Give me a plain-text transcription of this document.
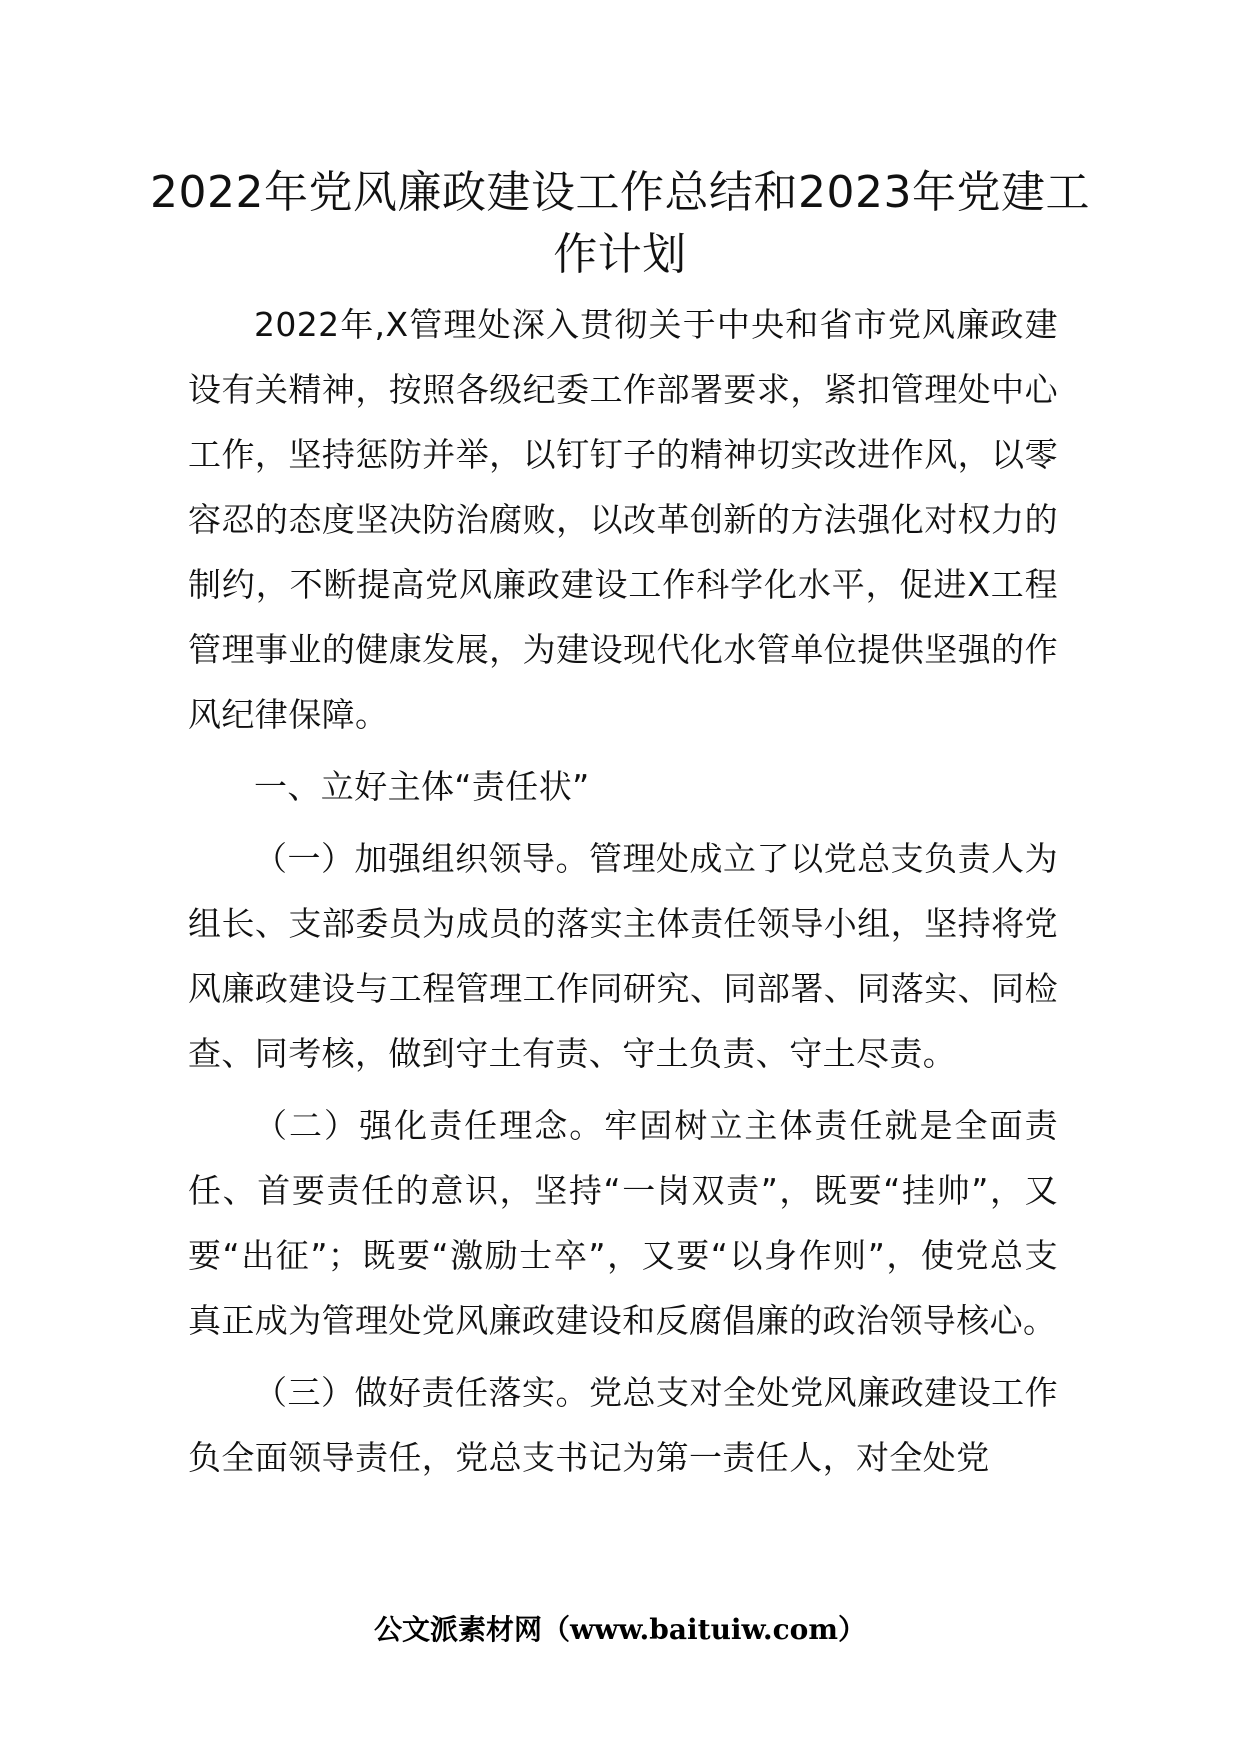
2022年党风廉政建设工作总结和2023年党建工作计划

2022年,X管理处深入贯彻关于中央和省市党风廉政建设有关精神，按照各级纪委工作部署要求，紧扣管理处中心工作，坚持惩防并举，以钉钉子的精神切实改进作风，以零容忍的态度坚决防治腐败，以改革创新的方法强化对权力的制约，不断提高党风廉政建设工作科学化水平，促进X工程管理事业的健康发展，为建设现代化水管单位提供坚强的作风纪律保障。

一、立好主体“责任状”

（一）加强组织领导。管理处成立了以党总支负责人为组长、支部委员为成员的落实主体责任领导小组，坚持将党风廉政建设与工程管理工作同研究、同部署、同落实、同检查、同考核，做到守土有责、守土负责、守土尽责。

（二）强化责任理念。牢固树立主体责任就是全面责任、首要责任的意识，坚持“一岗双责”，既要“挂帅”，又要“出征”；既要“激励士卒”，又要“以身作则”，使党总支真正成为管理处党风廉政建设和反腐倡廉的政治领导核心。

（三）做好责任落实。党总支对全处党风廉政建设工作负全面领导责任，党总支书记为第一责任人，对全处党

公文派素材网（www.baituiw.com）
